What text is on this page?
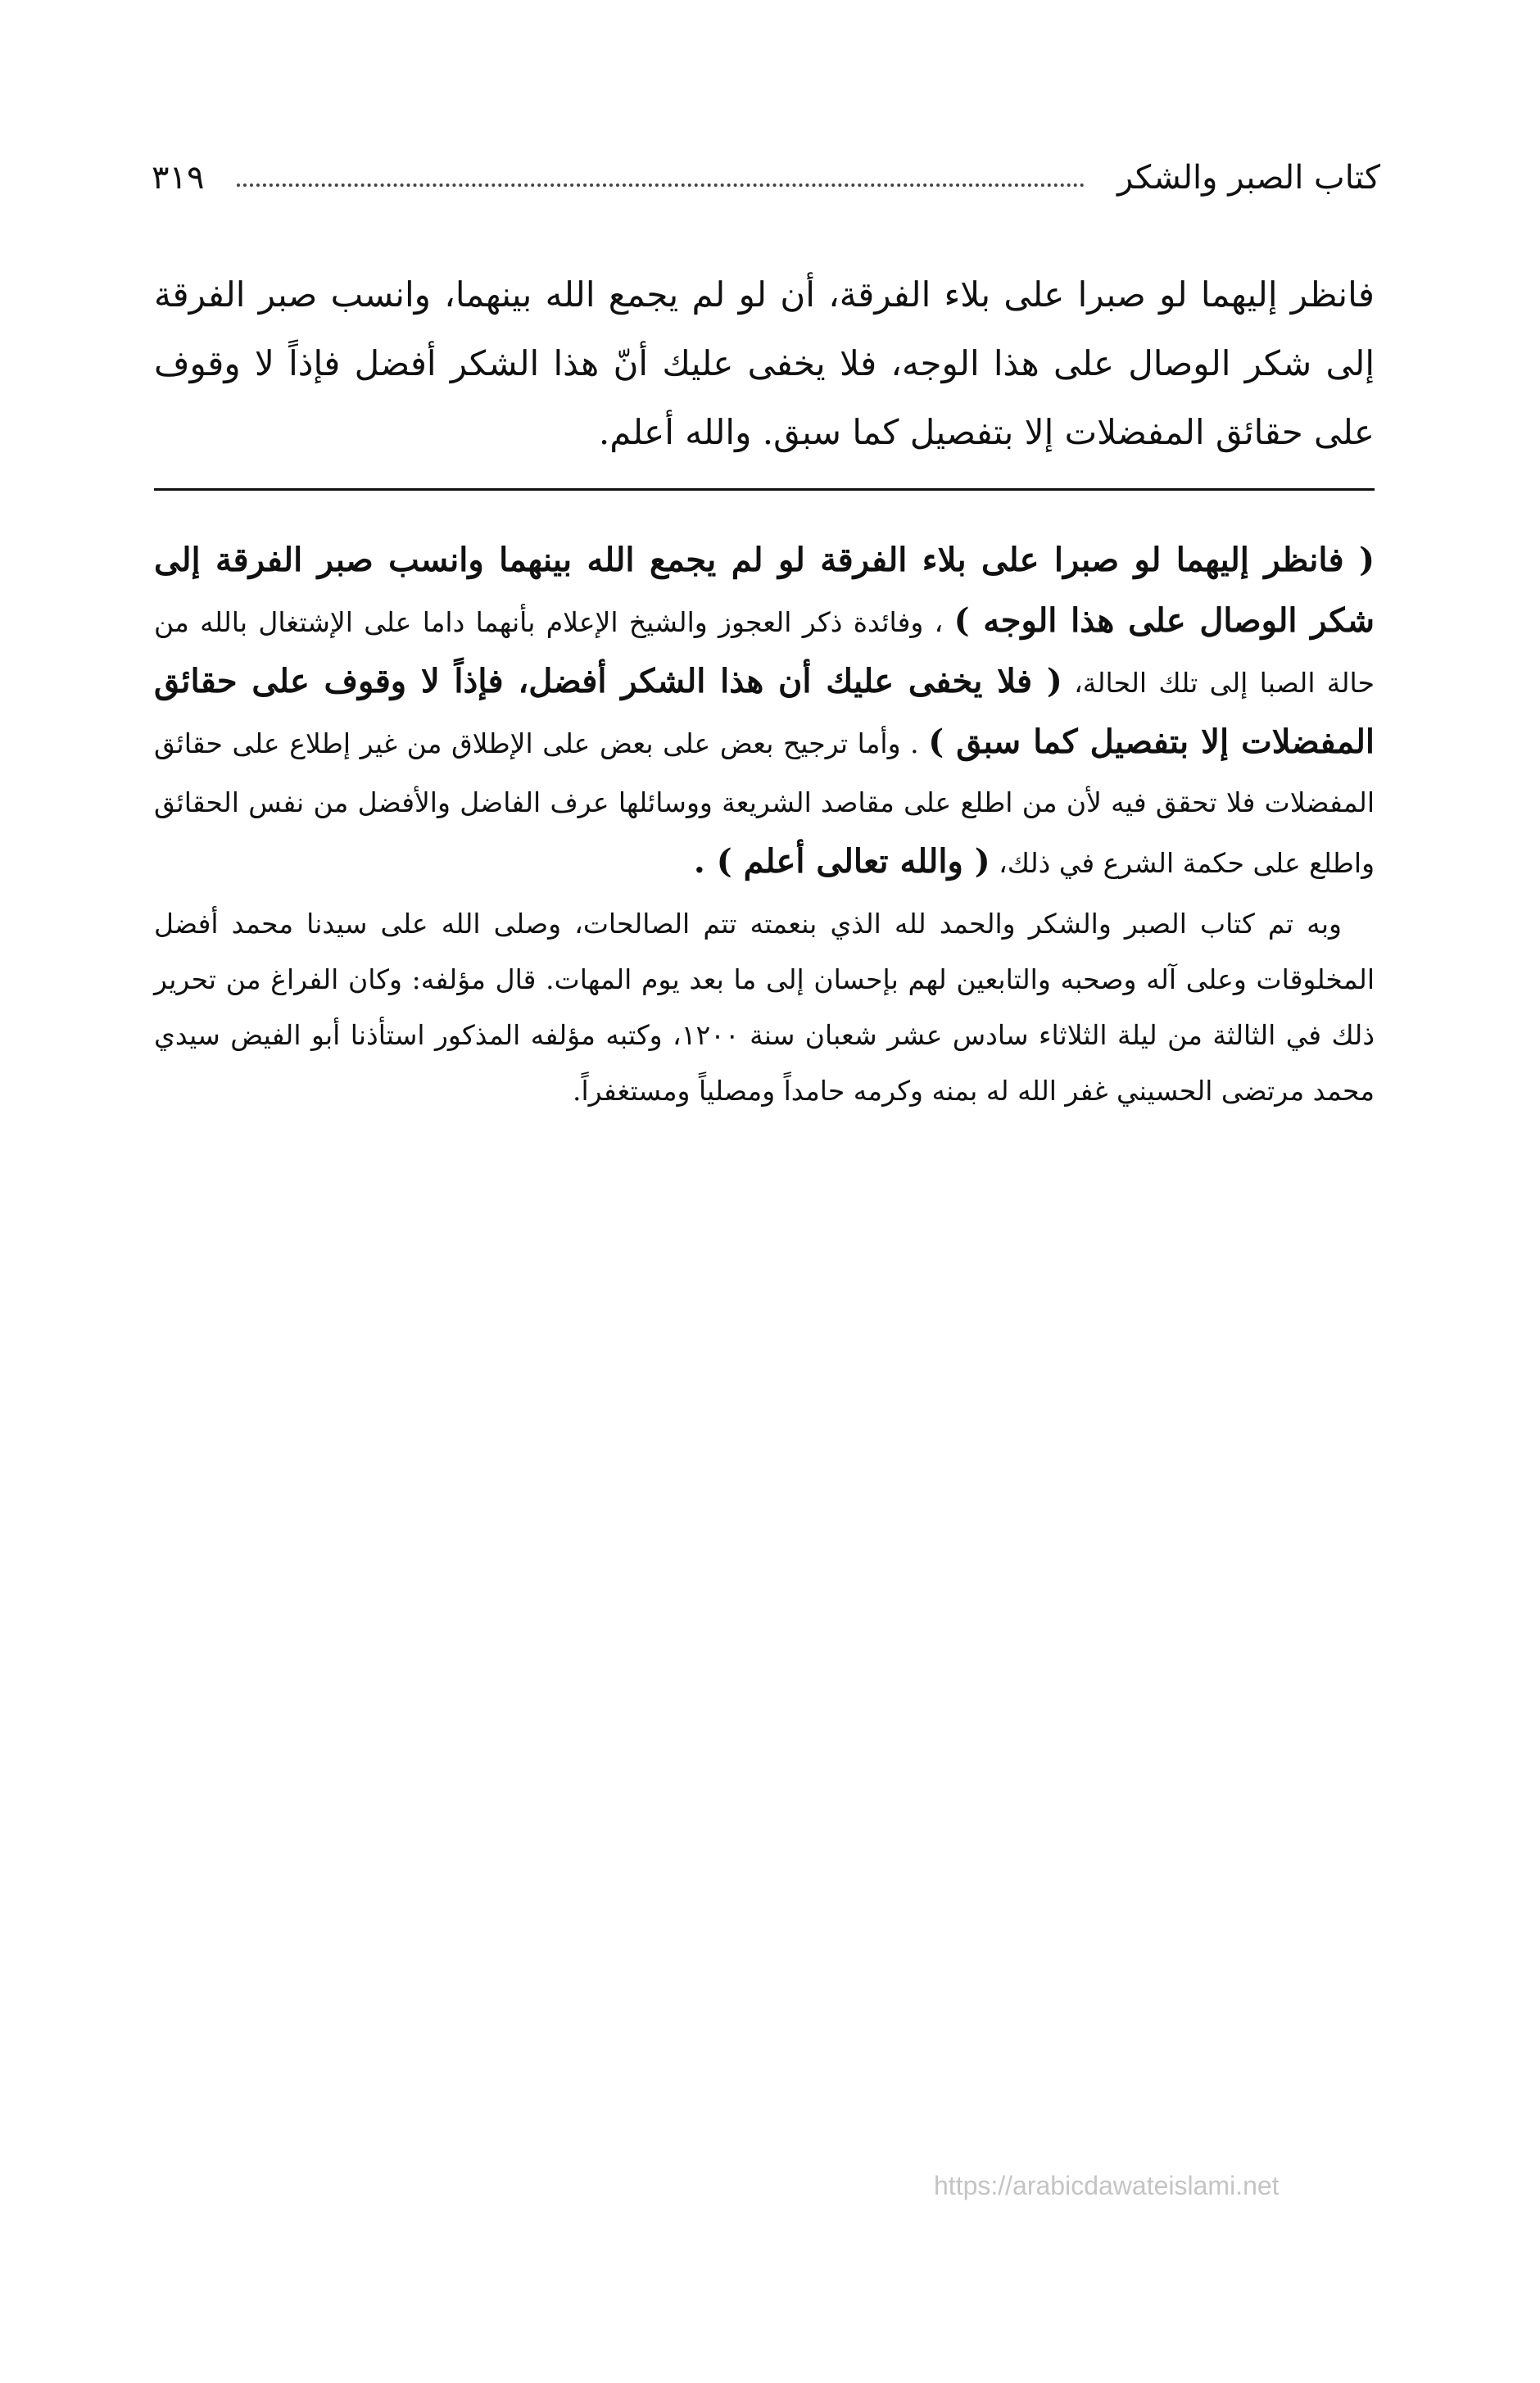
كتاب الصبر والشكر
٣١٩
فانظر إليهما لو صبرا على بلاء الفرقة، أن لو لم يجمع الله بينهما، وانسب صبر الفرقة إلى شكر الوصال على هذا الوجه، فلا يخفى عليك أنّ هذا الشكر أفضل فإذاً لا وقوف على حقائق المفضلات إلا بتفصيل كما سبق. والله أعلم.
( فانظر إليهما لو صبرا على بلاء الفرقة لو لم يجمع الله بينهما وانسب صبر الفرقة إلى شكر الوصال على هذا الوجه ) ، وفائدة ذكر العجوز والشيخ الإعلام بأنهما داما على الإشتغال بالله من حالة الصبا إلى تلك الحالة، ( فلا يخفى عليك أن هذا الشكر أفضل، فإذاً لا وقوف على حقائق المفضلات إلا بتفصيل كما سبق ) . وأما ترجيح بعض على بعض على الإطلاق من غير إطلاع على حقائق المفضلات فلا تحقق فيه لأن من اطلع على مقاصد الشريعة ووسائلها عرف الفاضل والأفضل من نفس الحقائق واطلع على حكمة الشرع في ذلك، ( والله تعالى أعلم ) .
وبه تم كتاب الصبر والشكر والحمد لله الذي بنعمته تتم الصالحات، وصلى الله على سيدنا محمد أفضل المخلوقات وعلى آله وصحبه والتابعين لهم بإحسان إلى ما بعد يوم المهات. قال مؤلفه: وكان الفراغ من تحرير ذلك في الثالثة من ليلة الثلاثاء سادس عشر شعبان سنة ١٢٠٠، وكتبه مؤلفه المذكور استأذنا أبو الفيض سيدي محمد مرتضى الحسيني غفر الله له بمنه وكرمه حامداً ومصلياً ومستغفراً.
https://arabicdawateislami.net
